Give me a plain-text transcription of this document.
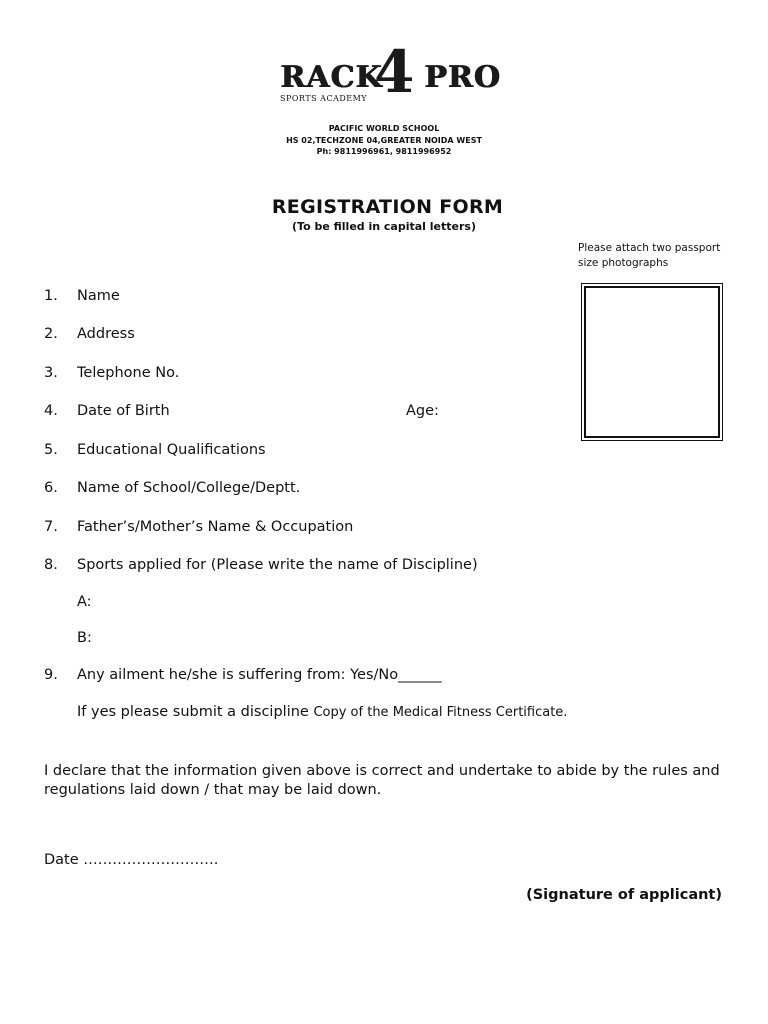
RACK
4 PRO
SPORTS ACADEMY
PACIFIC WORLD SCHOOL
HS 02,TECHZONE 04,GREATER NOIDA WEST
Ph: 9811996961, 9811996952
REGISTRATION FORM
(To be filled in capital letters)
Please attach two passport size photographs
1. Name
2. Address
3. Telephone No.
4. Date of Birth	Age:
5. Educational Qualifications
6. Name of School/College/Deptt.
7. Father’s/Mother’s Name & Occupation
8. Sports applied for (Please write the name of Discipline)
A:
B:
9. Any ailment he/she is suffering from: Yes/No______
If yes please submit a discipline Copy of the Medical Fitness Certificate.
I declare that the information given above is correct and undertake to abide by the rules and regulations laid down / that may be laid down.
Date ……………………….
(Signature of applicant)
